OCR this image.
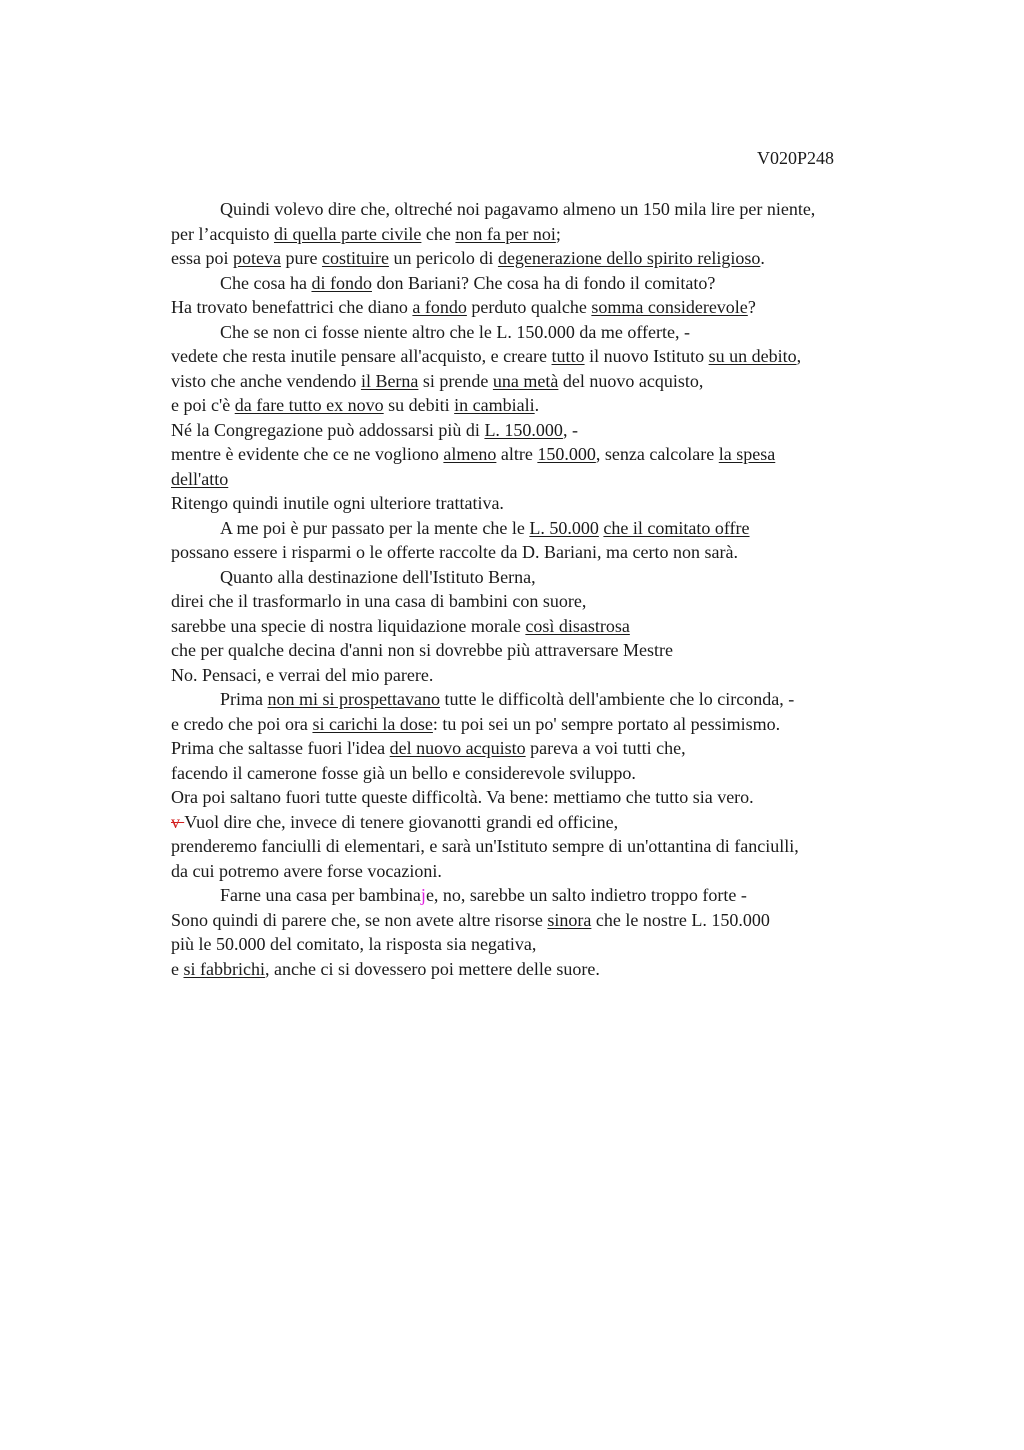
V020P248
Quindi volevo dire che, oltreché noi pagavamo almeno un 150 mila lire per niente,
per l’acquisto di quella parte civile che non fa per noi;
essa poi poteva pure costituire un pericolo di degenerazione dello spirito religioso.
Che cosa ha di fondo don Bariani? Che cosa ha di fondo il comitato?
Ha trovato benefattrici che diano a fondo perduto qualche somma considerevole?
Che se non ci fosse niente altro che le L. 150.000 da me offerte, -
vedete che resta inutile pensare all'acquisto, e creare tutto il nuovo Istituto su un debito,
visto che anche vendendo il Berna si prende una metà del nuovo acquisto,
e poi c'è da fare tutto ex novo su debiti in cambiali.
Né la Congregazione può addossarsi più di L. 150.000, -
mentre è evidente che ce ne vogliono almeno altre 150.000, senza calcolare la spesa
dell'atto
Ritengo quindi inutile ogni ulteriore trattativa.
A me poi è pur passato per la mente che le L. 50.000 che il comitato offre
possano essere i risparmi o le offerte raccolte da D. Bariani, ma certo non sarà.
Quanto alla destinazione dell'Istituto Berna,
direi che il trasformarlo in una casa di bambini con suore,
sarebbe una specie di nostra liquidazione morale così disastrosa
che per qualche decina d'anni non si dovrebbe più attraversare Mestre
No. Pensaci, e verrai del mio parere.
Prima non mi si prospettavano tutte le difficoltà dell'ambiente che lo circonda, -
e credo che poi ora si carichi la dose: tu poi sei un po' sempre portato al pessimismo.
Prima che saltasse fuori l'idea del nuovo acquisto pareva a voi tutti che,
facendo il camerone fosse già un bello e considerevole sviluppo.
Ora poi saltano fuori tutte queste difficoltà. Va bene: mettiamo che tutto sia vero.
v Vuol dire che, invece di tenere giovanotti grandi ed officine,
prenderemo fanciulli di elementari, e sarà un'Istituto sempre di un'ottantina di fanciulli,
da cui potremo avere forse vocazioni.
Farne una casa per bambinaje, no, sarebbe un salto indietro troppo forte -
Sono quindi di parere che, se non avete altre risorse sinora che le nostre L. 150.000
più le 50.000 del comitato, la risposta sia negativa,
e si fabbrichi, anche ci si dovessero poi mettere delle suore.
